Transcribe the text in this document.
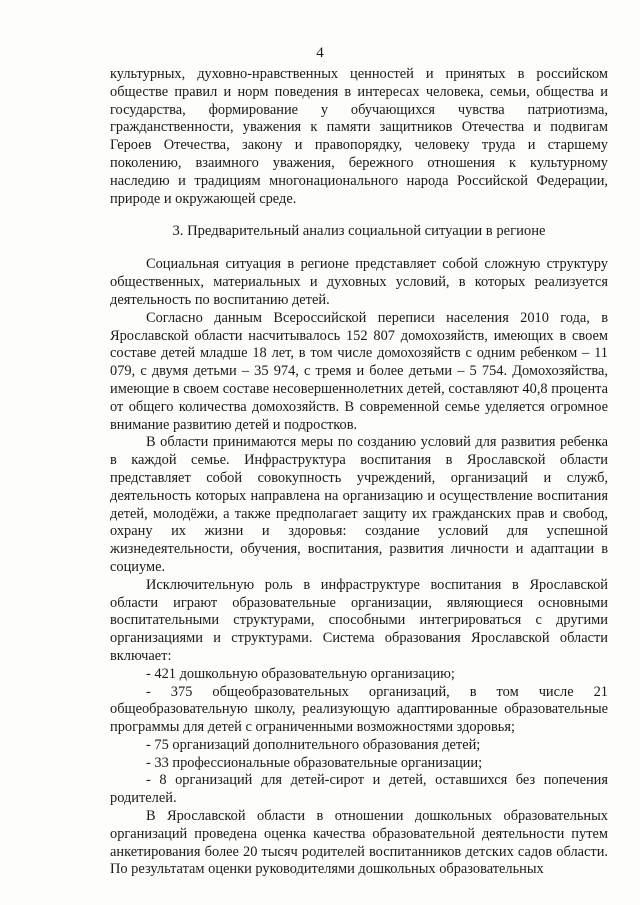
4

культурных, духовно-нравственных ценностей и принятых в российском обществе правил и норм поведения в интересах человека, семьи, общества и государства, формирование у обучающихся чувства патриотизма, гражданственности, уважения к памяти защитников Отечества и подвигам Героев Отечества, закону и правопорядку, человеку труда и старшему поколению, взаимного уважения, бережного отношения к культурному наследию и традициям многонационального народа Российской Федерации, природе и окружающей среде.

3. Предварительный анализ социальной ситуации в регионе

Социальная ситуация в регионе представляет собой сложную структуру общественных, материальных и духовных условий, в которых реализуется деятельность по воспитанию детей.

Согласно данным Всероссийской переписи населения 2010 года, в Ярославской области насчитывалось 152 807 домохозяйств, имеющих в своем составе детей младше 18 лет, в том числе домохозяйств с одним ребенком – 11 079, с двумя детьми – 35 974, с тремя и более детьми – 5 754. Домохозяйства, имеющие в своем составе несовершеннолетних детей, составляют 40,8 процента от общего количества домохозяйств. В современной семье уделяется огромное внимание развитию детей и подростков.

В области принимаются меры по созданию условий для развития ребенка в каждой семье. Инфраструктура воспитания в Ярославской области представляет собой совокупность учреждений, организаций и служб, деятельность которых направлена на организацию и осуществление воспитания детей, молодёжи, а также предполагает защиту их гражданских прав и свобод, охрану их жизни и здоровья: создание условий для успешной жизнедеятельности, обучения, воспитания, развития личности и адаптации в социуме.

Исключительную роль в инфраструктуре воспитания в Ярославской области играют образовательные организации, являющиеся основными воспитательными структурами, способными интегрироваться с другими организациями и структурами. Система образования Ярославской области включает:

- 421 дошкольную образовательную организацию;

- 375 общеобразовательных организаций, в том числе 21 общеобразовательную школу, реализующую адаптированные образовательные программы для детей с ограниченными возможностями здоровья;

- 75 организаций дополнительного образования детей;

- 33 профессиональные образовательные организации;

- 8 организаций для детей-сирот и детей, оставшихся без попечения родителей.

В Ярославской области в отношении дошкольных образовательных организаций проведена оценка качества образовательной деятельности путем анкетирования более 20 тысяч родителей воспитанников детских садов области. По результатам оценки руководителями дошкольных образовательных
